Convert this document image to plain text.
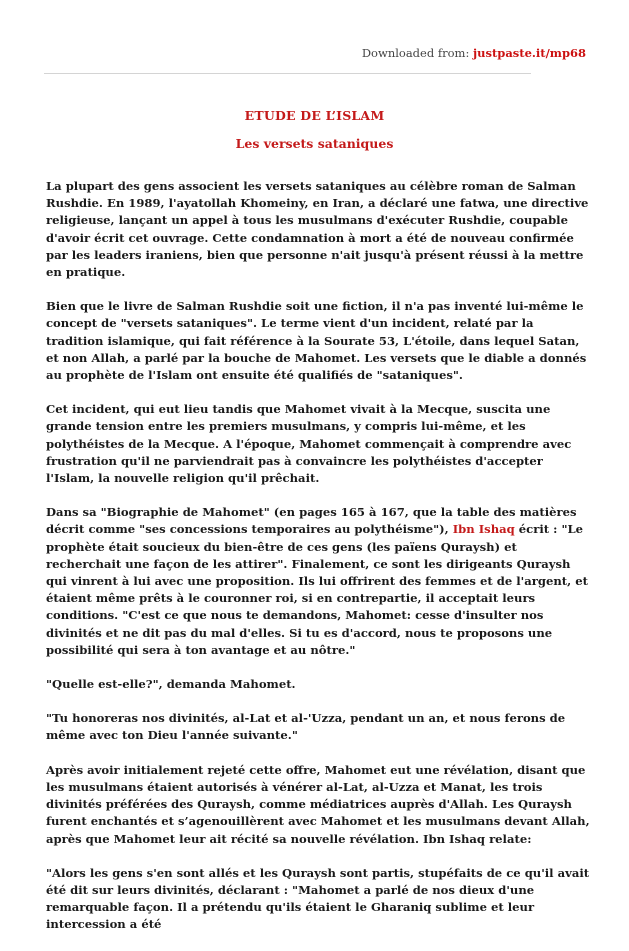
Downloaded from: justpaste.it/mp68
ETUDE DE L’ISLAM
Les versets sataniques

La plupart des gens associent les versets sataniques au célèbre roman de Salman Rushdie. En 1989, l'ayatollah Khomeiny, en Iran, a déclaré une fatwa, une directive religieuse, lançant un appel à tous les musulmans d'exécuter Rushdie, coupable d'avoir écrit cet ouvrage. Cette condamnation à mort a été de nouveau confirmée par les leaders iraniens, bien que personne n'ait jusqu'à présent réussi à la mettre en pratique.

Bien que le livre de Salman Rushdie soit une fiction, il n'a pas inventé lui-même le concept de "versets sataniques". Le terme vient d'un incident, relaté par la tradition islamique, qui fait référence à la Sourate 53, L'étoile, dans lequel Satan, et non Allah, a parlé par la bouche de Mahomet. Les versets que le diable a donnés au prophète de l'Islam ont ensuite été qualifiés de "sataniques".

Cet incident, qui eut lieu tandis que Mahomet vivait à la Mecque, suscita une grande tension entre les premiers musulmans, y compris lui-même, et les polythéistes de la Mecque. A l'époque, Mahomet commençait à comprendre avec frustration qu'il ne parviendrait pas à convaincre les polythéistes d'accepter l'Islam, la nouvelle religion qu'il prêchait.

Dans sa "Biographie de Mahomet" (en pages 165 à 167, que la table des matières décrit comme "ses concessions temporaires au polythéisme"), Ibn Ishaq écrit : "Le prophète était soucieux du bien-être de ces gens (les païens Quraysh) et recherchait une façon de les attirer". Finalement, ce sont les dirigeants Quraysh qui vinrent à lui avec une proposition. Ils lui offrirent des femmes et de l'argent, et étaient même prêts à le couronner roi, si en contrepartie, il acceptait leurs conditions. "C'est ce que nous te demandons, Mahomet: cesse d'insulter nos divinités et ne dit pas du mal d'elles. Si tu es d'accord, nous te proposons une possibilité qui sera à ton avantage et au nôtre."

"Quelle est-elle?", demanda Mahomet.

"Tu honoreras nos divinités, al-Lat et al-'Uzza, pendant un an, et nous ferons de même avec ton Dieu l'année suivante."

Après avoir initialement rejeté cette offre, Mahomet eut une révélation, disant que les musulmans étaient autorisés à vénérer al-Lat, al-Uzza et Manat, les trois divinités préférées des Quraysh, comme médiatrices auprès d'Allah. Les Quraysh furent enchantés et s’agenouillèrent avec Mahomet et les musulmans devant Allah, après que Mahomet leur ait récité sa nouvelle révélation. Ibn Ishaq relate:

"Alors les gens s'en sont allés et les Quraysh sont partis, stupéfaits de ce qu'il avait été dit sur leurs divinités, déclarant : "Mahomet a parlé de nos dieux d'une remarquable façon. Il a prétendu qu'ils étaient le Gharaniq sublime et leur intercession a été
